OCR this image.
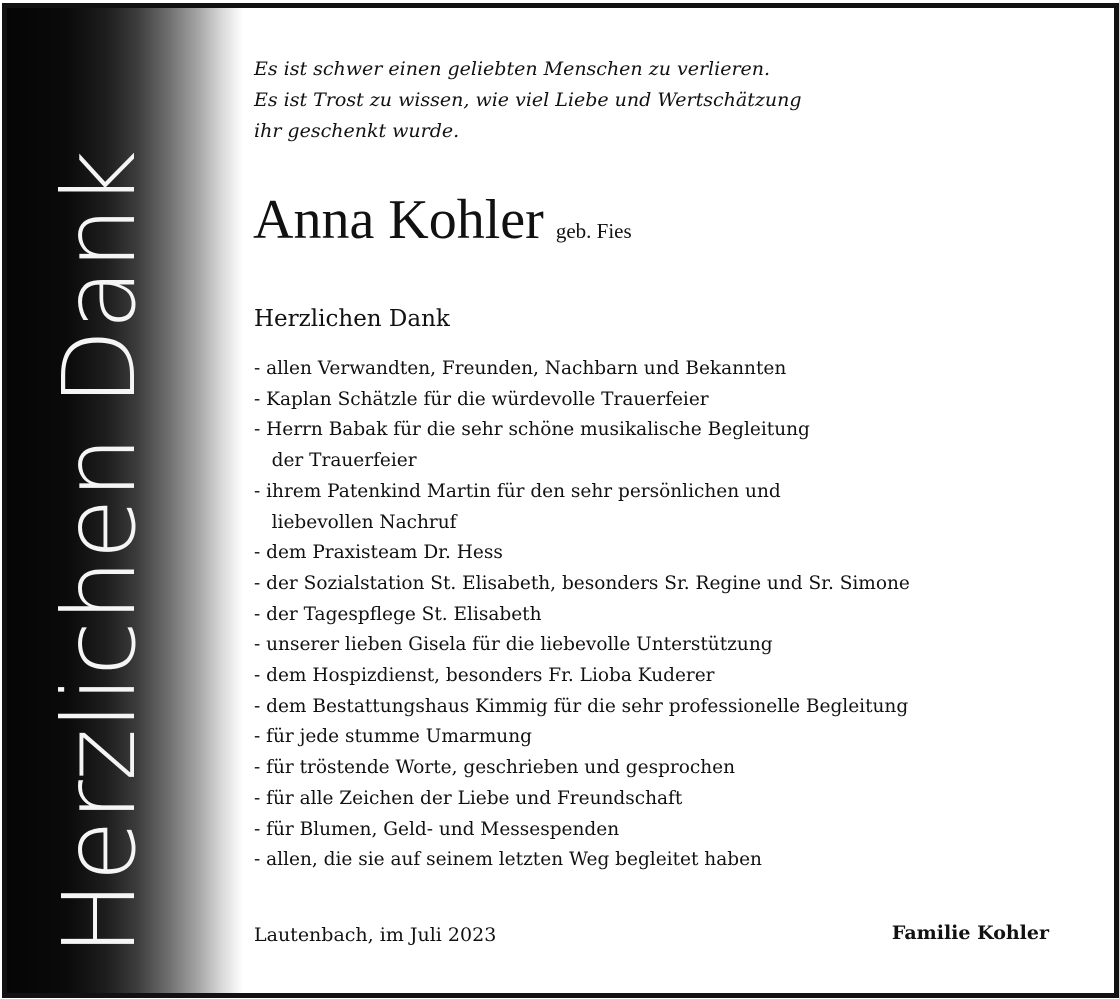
Herzlichen Dank
Es ist schwer einen geliebten Menschen zu verlieren.
Es ist Trost zu wissen, wie viel Liebe und Wertschätzung
ihr geschenkt wurde.
Anna Kohler geb. Fies
Herzlichen Dank
- allen Verwandten, Freunden, Nachbarn und Bekannten
- Kaplan Schätzle für die würdevolle Trauerfeier
- Herrn Babak für die sehr schöne musikalische Begleitung
der Trauerfeier
- ihrem Patenkind Martin für den sehr persönlichen und
liebevollen Nachruf
- dem Praxisteam Dr. Hess
- der Sozialstation St. Elisabeth, besonders Sr. Regine und Sr. Simone
- der Tagespflege St. Elisabeth
- unserer lieben Gisela für die liebevolle Unterstützung
- dem Hospizdienst, besonders Fr. Lioba Kuderer
- dem Bestattungshaus Kimmig für die sehr professionelle Begleitung
- für jede stumme Umarmung
- für tröstende Worte, geschrieben und gesprochen
- für alle Zeichen der Liebe und Freundschaft
- für Blumen, Geld- und Messespenden
- allen, die sie auf seinem letzten Weg begleitet haben
Lautenbach, im Juli 2023	Familie Kohler
